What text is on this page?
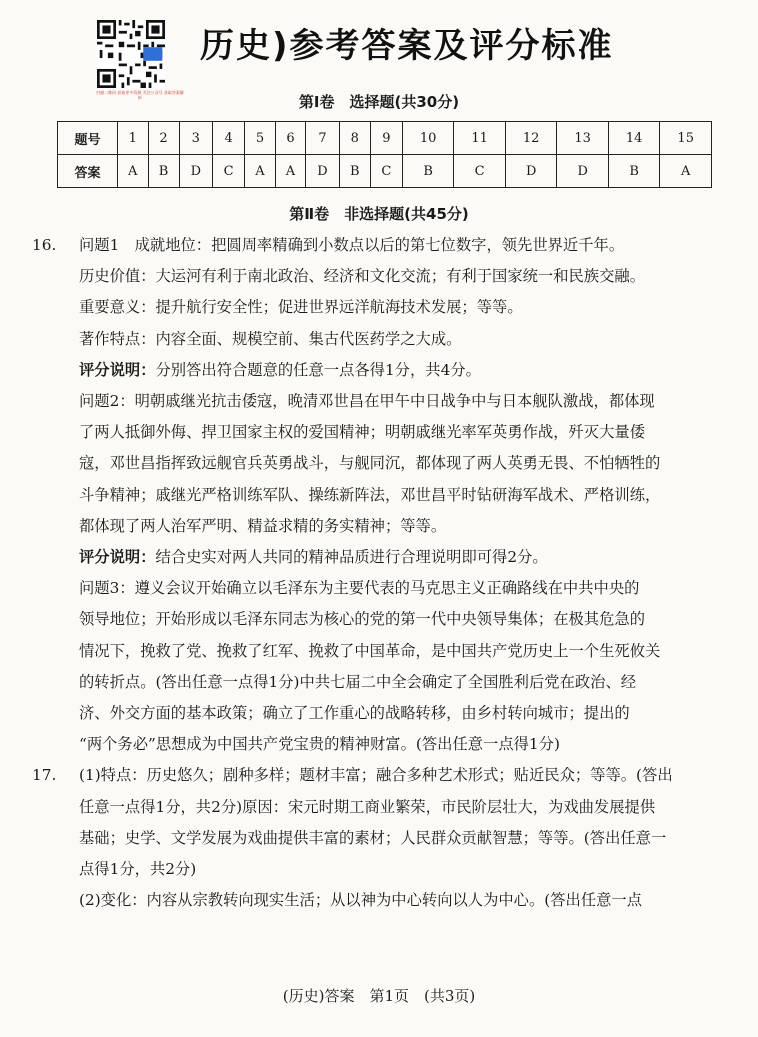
扫描二维码 获取更多资源 关注公众号 获取答案解析
历史)参考答案及评分标准
第Ⅰ卷　选择题(共30分)
题号	1	2	3	4	5	6	7	8	9	10	11	12	13	14	15
答案	A	B	D	C	A	A	D	B	C	B	C	D	D	B	A
第Ⅱ卷　非选择题(共45分)
16.	问题1　成就地位：把圆周率精确到小数点以后的第七位数字，领先世界近千年。
历史价值：大运河有利于南北政治、经济和文化交流；有利于国家统一和民族交融。
重要意义：提升航行安全性；促进世界远洋航海技术发展；等等。
著作特点：内容全面、规模空前、集古代医药学之大成。
评分说明：分别答出符合题意的任意一点各得1分，共4分。
问题2：明朝戚继光抗击倭寇，晚清邓世昌在甲午中日战争中与日本舰队激战，都体现
了两人抵御外侮、捍卫国家主权的爱国精神；明朝戚继光率军英勇作战，歼灭大量倭
寇，邓世昌指挥致远舰官兵英勇战斗，与舰同沉，都体现了两人英勇无畏、不怕牺牲的
斗争精神；戚继光严格训练军队、操练新阵法，邓世昌平时钻研海军战术、严格训练，
都体现了两人治军严明、精益求精的务实精神；等等。
评分说明：结合史实对两人共同的精神品质进行合理说明即可得2分。
问题3：遵义会议开始确立以毛泽东为主要代表的马克思主义正确路线在中共中央的
领导地位；开始形成以毛泽东同志为核心的党的第一代中央领导集体；在极其危急的
情况下，挽救了党、挽救了红军、挽救了中国革命，是中国共产党历史上一个生死攸关
的转折点。(答出任意一点得1分)中共七届二中全会确定了全国胜利后党在政治、经
济、外交方面的基本政策；确立了工作重心的战略转移，由乡村转向城市；提出的
“两个务必”思想成为中国共产党宝贵的精神财富。(答出任意一点得1分)
17.	(1)特点：历史悠久；剧种多样；题材丰富；融合多种艺术形式；贴近民众；等等。(答出
任意一点得1分，共2分)原因：宋元时期工商业繁荣，市民阶层壮大，为戏曲发展提供
基础；史学、文学发展为戏曲提供丰富的素材；人民群众贡献智慧；等等。(答出任意一
点得1分，共2分)
(2)变化：内容从宗教转向现实生活；从以神为中心转向以人为中心。(答出任意一点
(历史)答案　第1页　(共3页)
